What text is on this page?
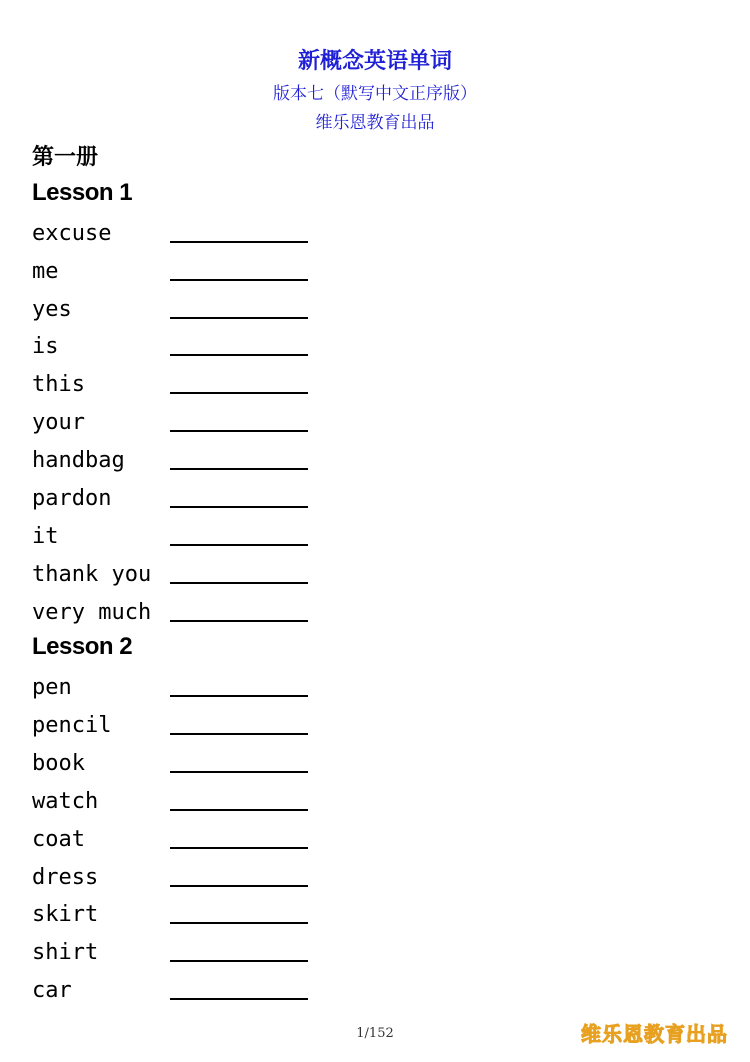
新概念英语单词
版本七（默写中文正序版）
维乐恩教育出品
第一册
Lesson 1
excuse
me
yes
is
this
your
handbag
pardon
it
thank you
very much
Lesson 2
pen
pencil
book
watch
coat
dress
skirt
shirt
car
1/152	维乐恩教育出品
